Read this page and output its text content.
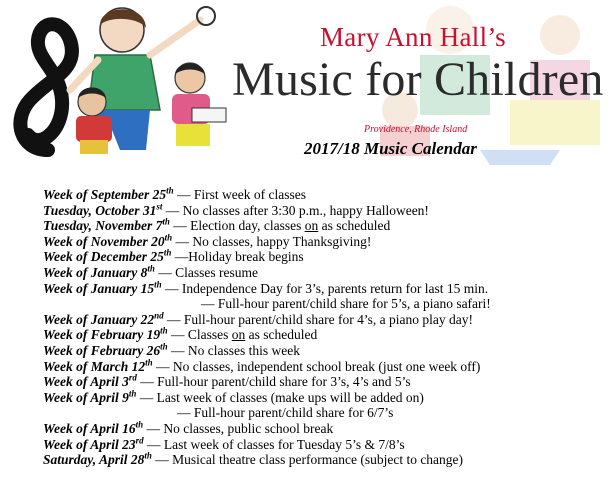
Mary Ann Hall’s
Music for Children
Providence, Rhode Island
2017/18 Music Calendar
Week of September 25th — First week of classes
Tuesday, October 31st — No classes after 3:30 p.m., happy Halloween!
Tuesday, November 7th — Election day, classes on as scheduled
Week of November 20th — No classes, happy Thanksgiving!
Week of December 25th —Holiday break begins
Week of January 8th — Classes resume
Week of January 15th — Independence Day for 3’s, parents return for last 15 min.
— Full-hour parent/child share for 5’s, a piano safari!
Week of January 22nd — Full-hour parent/child share for 4’s, a piano play day!
Week of February 19th — Classes on as scheduled
Week of February 26th — No classes this week
Week of March 12th — No classes, independent school break (just one week off)
Week of April 3rd — Full-hour parent/child share for 3’s, 4’s and 5’s
Week of April 9th — Last week of classes (make ups will be added on)
— Full-hour parent/child share for 6/7’s
Week of April 16th — No classes, public school break
Week of April 23rd — Last week of classes for Tuesday 5’s & 7/8’s
Saturday, April 28th — Musical theatre class performance (subject to change)
